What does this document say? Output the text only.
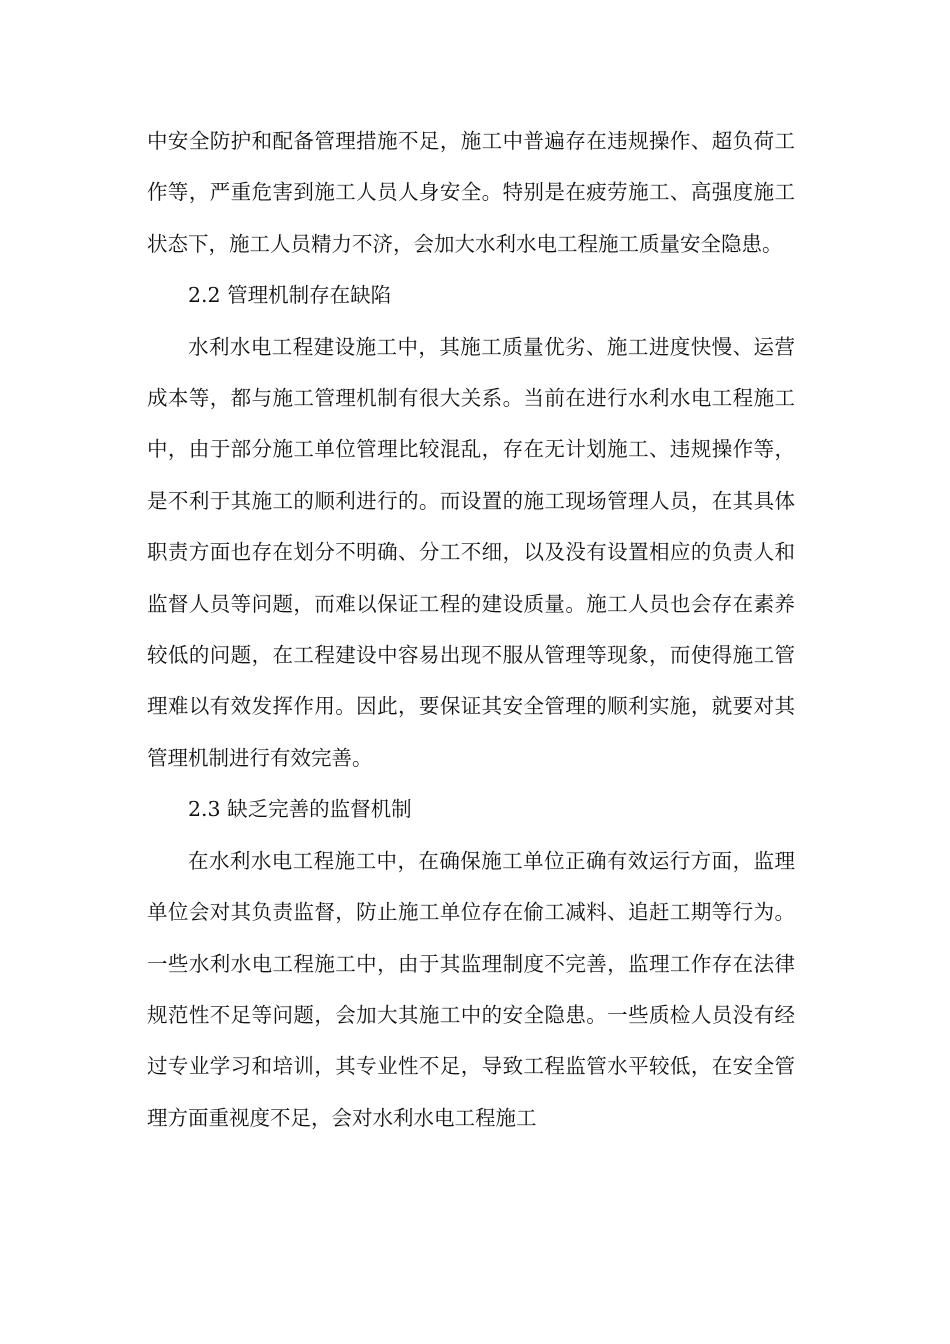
中安全防护和配备管理措施不足，施工中普遍存在违规操作、超负荷工作等，严重危害到施工人员人身安全。特别是在疲劳施工、高强度施工状态下，施工人员精力不济，会加大水利水电工程施工质量安全隐患。

2.2 管理机制存在缺陷

水利水电工程建设施工中，其施工质量优劣、施工进度快慢、运营成本等，都与施工管理机制有很大关系。当前在进行水利水电工程施工中，由于部分施工单位管理比较混乱，存在无计划施工、违规操作等，是不利于其施工的顺利进行的。而设置的施工现场管理人员，在其具体职责方面也存在划分不明确、分工不细，以及没有设置相应的负责人和监督人员等问题，而难以保证工程的建设质量。施工人员也会存在素养较低的问题，在工程建设中容易出现不服从管理等现象，而使得施工管理难以有效发挥作用。因此，要保证其安全管理的顺利实施，就要对其管理机制进行有效完善。

2.3 缺乏完善的监督机制

在水利水电工程施工中，在确保施工单位正确有效运行方面，监理单位会对其负责监督，防止施工单位存在偷工减料、追赶工期等行为。一些水利水电工程施工中，由于其监理制度不完善，监理工作存在法律规范性不足等问题，会加大其施工中的安全隐患。一些质检人员没有经过专业学习和培训，其专业性不足，导致工程监管水平较低，在安全管理方面重视度不足，会对水利水电工程施工
